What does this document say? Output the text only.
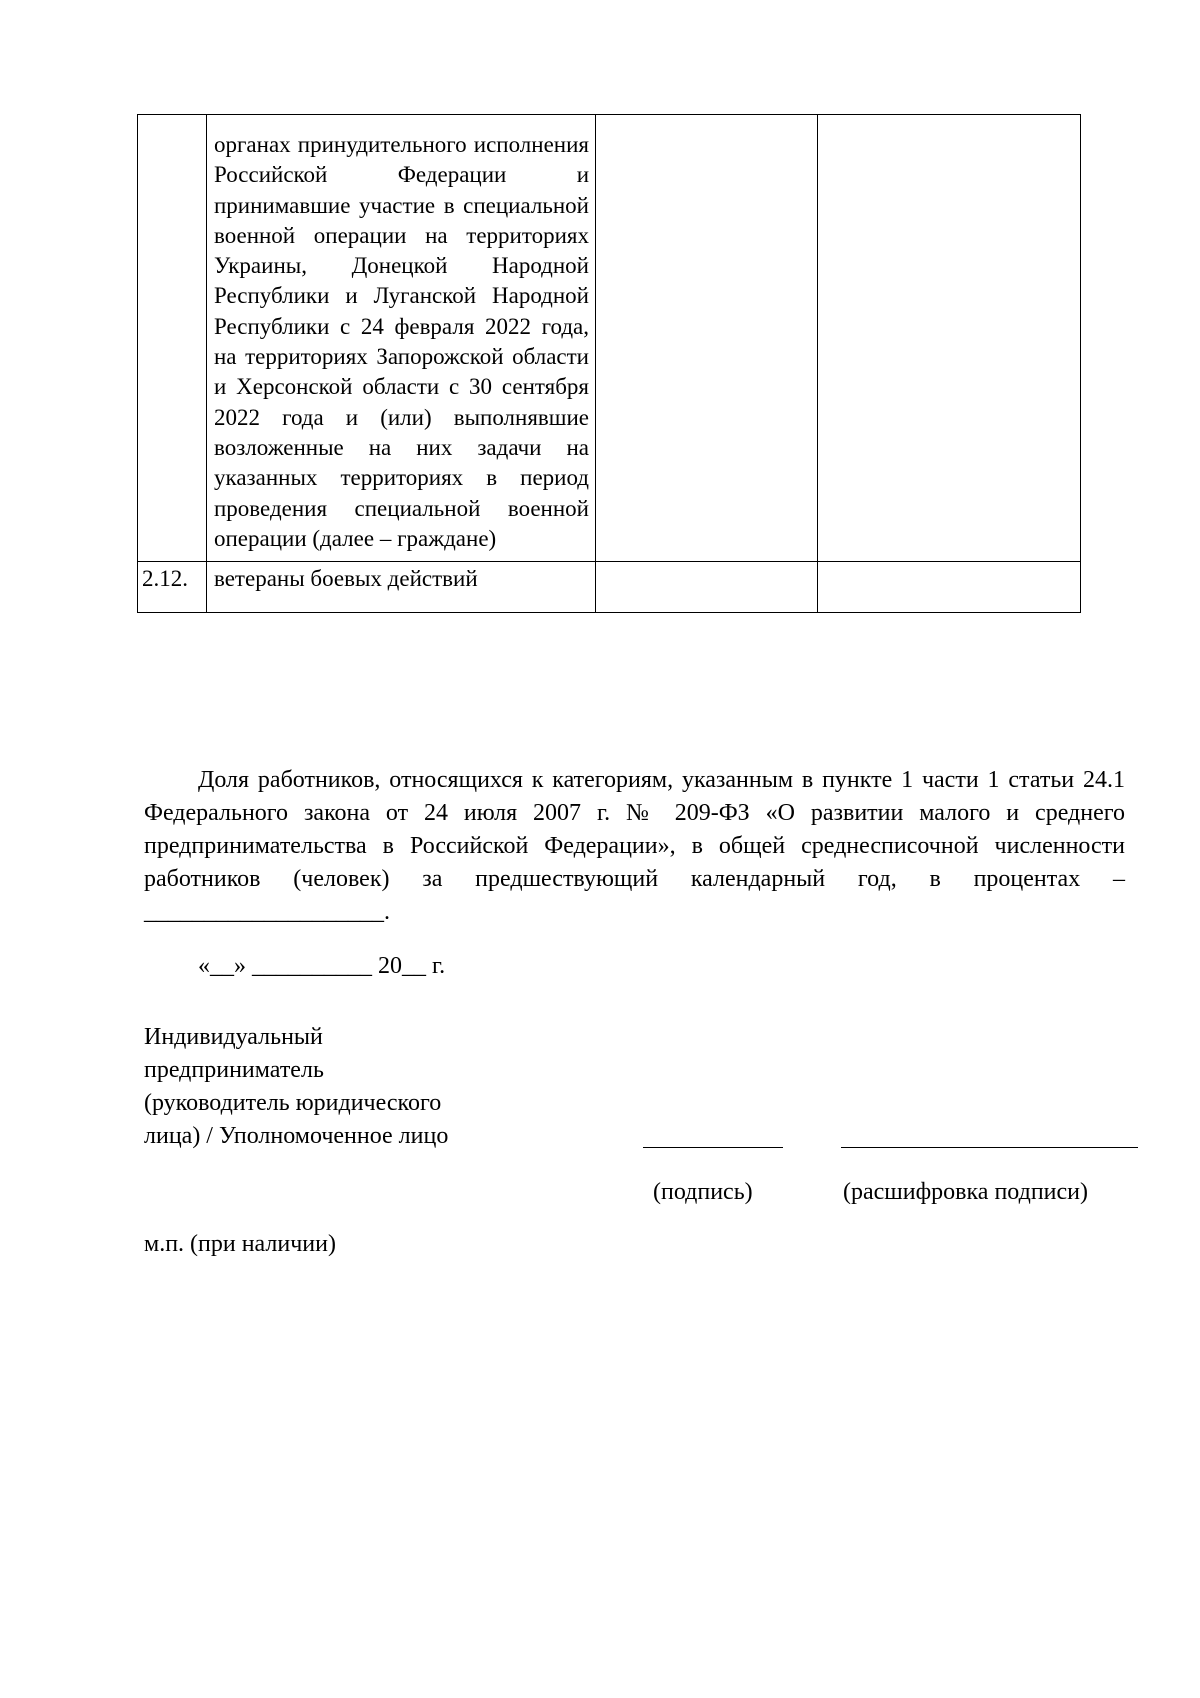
	органах принудительного исполнения Российской Федерации и принимавшие участие в специальной военной операции на территориях Украины, Донецкой Народной Республики и Луганской Народной Республики с 24 февраля 2022 года, на территориях Запорожской области и Херсонской области с 30 сентября 2022 года и (или) выполнявшие возложенные на них задачи на указанных территориях в период проведения специальной военной операции (далее – граждане)		

2.12.	ветераны боевых действий		

Доля работников, относящихся к категориям, указанным в пункте 1 части 1 статьи 24.1 Федерального закона от 24 июля 2007 г. № 209-ФЗ «О развитии малого и среднего предпринимательства в Российской Федерации», в общей среднесписочной численности работников (человек) за предшествующий календарный год, в процентах – ____________________.
«__» __________ 20__ г.
Индивидуальный
предприниматель
(руководитель юридического
лица) / Уполномоченное лицо
(подпись)	(расшифровка подписи)
м.п. (при наличии)
